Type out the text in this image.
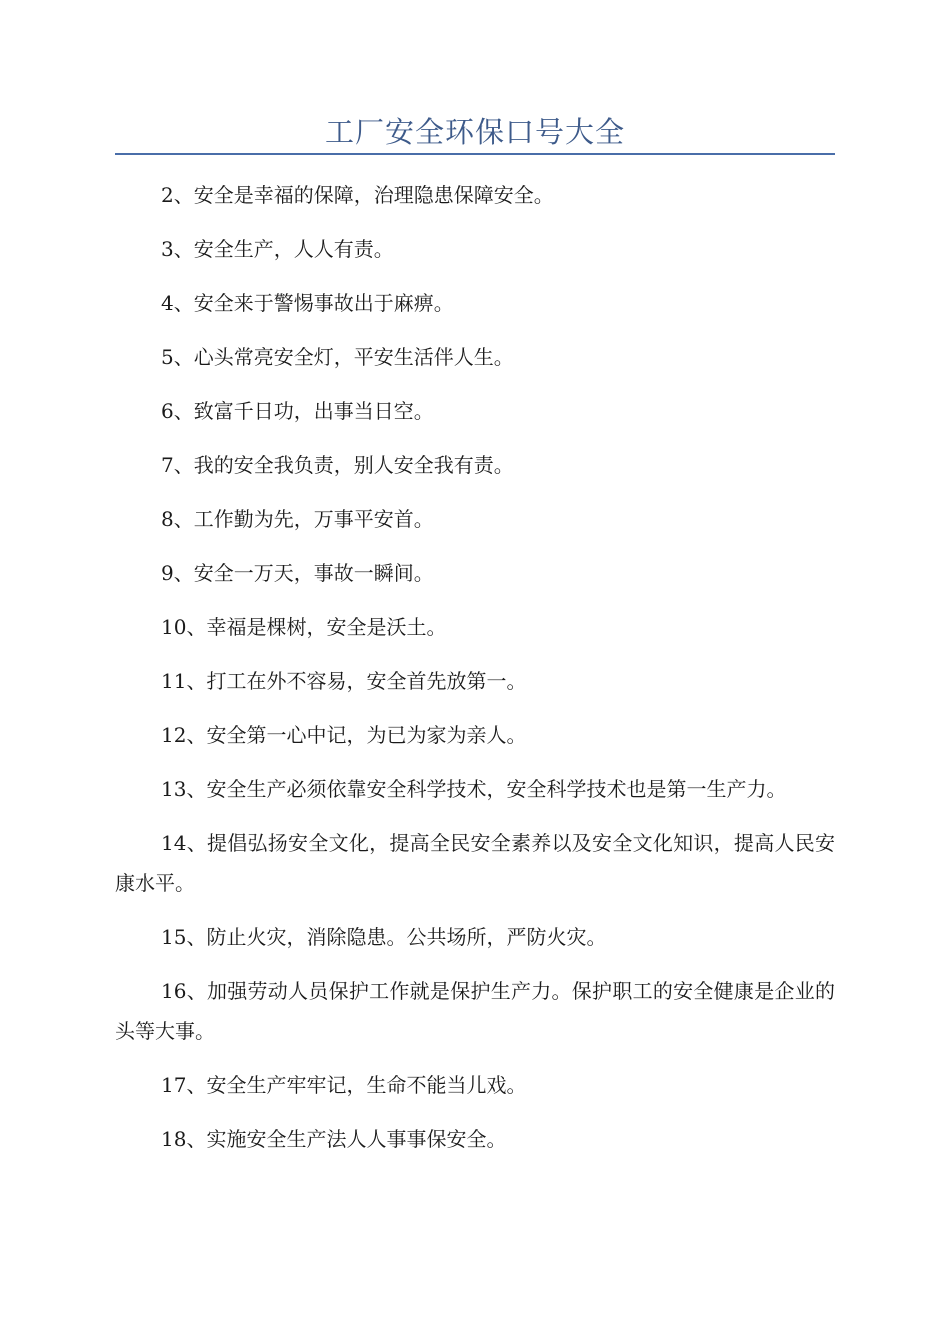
工厂安全环保口号大全

2、安全是幸福的保障，治理隐患保障安全。

3、安全生产，人人有责。

4、安全来于警惕事故出于麻痹。

5、心头常亮安全灯，平安生活伴人生。

6、致富千日功，出事当日空。

7、我的安全我负责，别人安全我有责。

8、工作勤为先，万事平安首。

9、安全一万天，事故一瞬间。

10、幸福是棵树，安全是沃土。

11、打工在外不容易，安全首先放第一。

12、安全第一心中记，为已为家为亲人。

13、安全生产必须依靠安全科学技术，安全科学技术也是第一生产力。

14、提倡弘扬安全文化，提高全民安全素养以及安全文化知识，提高人民安康水平。

15、防止火灾，消除隐患。公共场所，严防火灾。

16、加强劳动人员保护工作就是保护生产力。保护职工的安全健康是企业的头等大事。

17、安全生产牢牢记，生命不能当儿戏。

18、实施安全生产法人人事事保安全。
